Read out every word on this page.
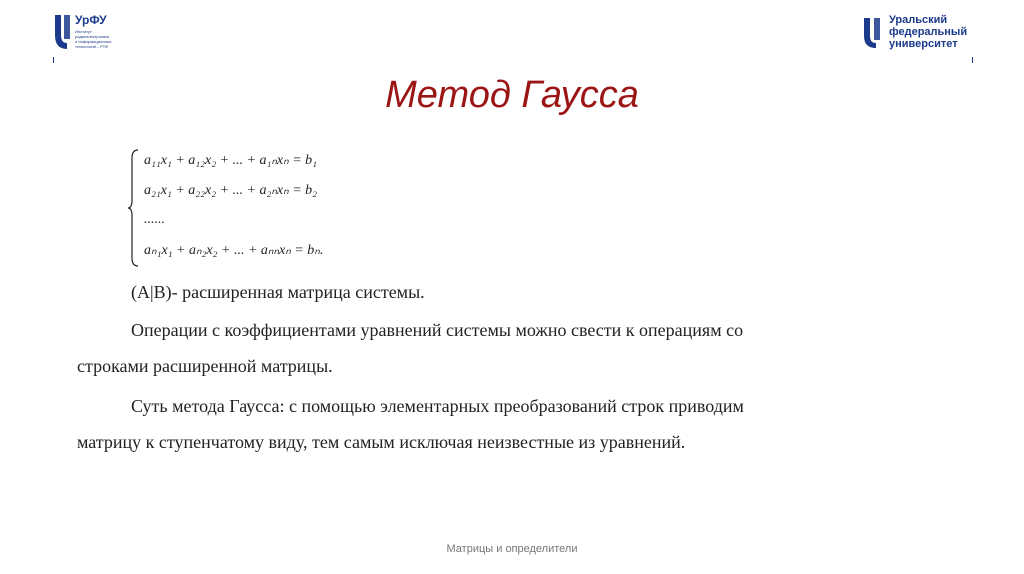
УрФУ
Институт
радиоэлектроники
и информационных
технологий – РТФ
Уральский
федеральный
университет
Метод Гаусса
a₁₁x₁ + a₁₂x₂ + ... + a₁ₙxₙ = b₁
a₂₁x₁ + a₂₂x₂ + ... + a₂ₙxₙ = b₂
......
aₙ₁x₁ + aₙ₂x₂ + ... + aₙₙxₙ = bₙ.
(A|B)- расширенная матрица системы.
Операции с коэффициентами уравнений системы можно свести к операциям со
строками расширенной матрицы.
Суть метода Гаусса: с помощью элементарных преобразований строк приводим
матрицу к ступенчатому виду, тем самым исключая неизвестные из уравнений.
Матрицы и определители
